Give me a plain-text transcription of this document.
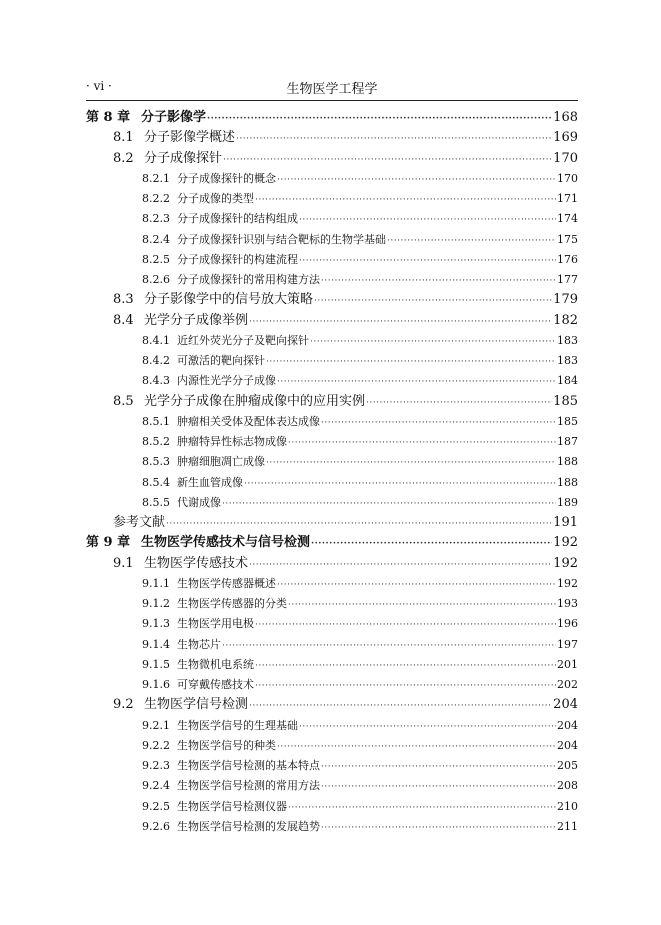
· vi ·	生物医学工程学
第 8 章 分子影像学 ·····	168
8.1 分子影像学概述 ·····	169
8.2 分子成像探针 ·····	170
8.2.1 分子成像探针的概念 ·····	170
8.2.2 分子成像的类型 ·····	171
8.2.3 分子成像探针的结构组成 ·····	174
8.2.4 分子成像探针识别与结合靶标的生物学基础 ·····	175
8.2.5 分子成像探针的构建流程 ·····	176
8.2.6 分子成像探针的常用构建方法 ·····	177
8.3 分子影像学中的信号放大策略 ·····	179
8.4 光学分子成像举例 ·····	182
8.4.1 近红外荧光分子及靶向探针 ·····	183
8.4.2 可激活的靶向探针 ·····	183
8.4.3 内源性光学分子成像 ·····	184
8.5 光学分子成像在肿瘤成像中的应用实例 ·····	185
8.5.1 肿瘤相关受体及配体表达成像 ·····	185
8.5.2 肿瘤特异性标志物成像 ·····	187
8.5.3 肿瘤细胞凋亡成像 ·····	188
8.5.4 新生血管成像 ·····	188
8.5.5 代谢成像 ·····	189
参考文献 ·····	191
第 9 章 生物医学传感技术与信号检测 ·····	192
9.1 生物医学传感技术 ·····	192
9.1.1 生物医学传感器概述 ·····	192
9.1.2 生物医学传感器的分类 ·····	193
9.1.3 生物医学用电极 ·····	196
9.1.4 生物芯片 ·····	197
9.1.5 生物微机电系统 ·····	201
9.1.6 可穿戴传感技术 ·····	202
9.2 生物医学信号检测 ·····	204
9.2.1 生物医学信号的生理基础 ·····	204
9.2.2 生物医学信号的种类 ·····	204
9.2.3 生物医学信号检测的基本特点 ·····	205
9.2.4 生物医学信号检测的常用方法 ·····	208
9.2.5 生物医学信号检测仪器 ·····	210
9.2.6 生物医学信号检测的发展趋势 ·····	211
